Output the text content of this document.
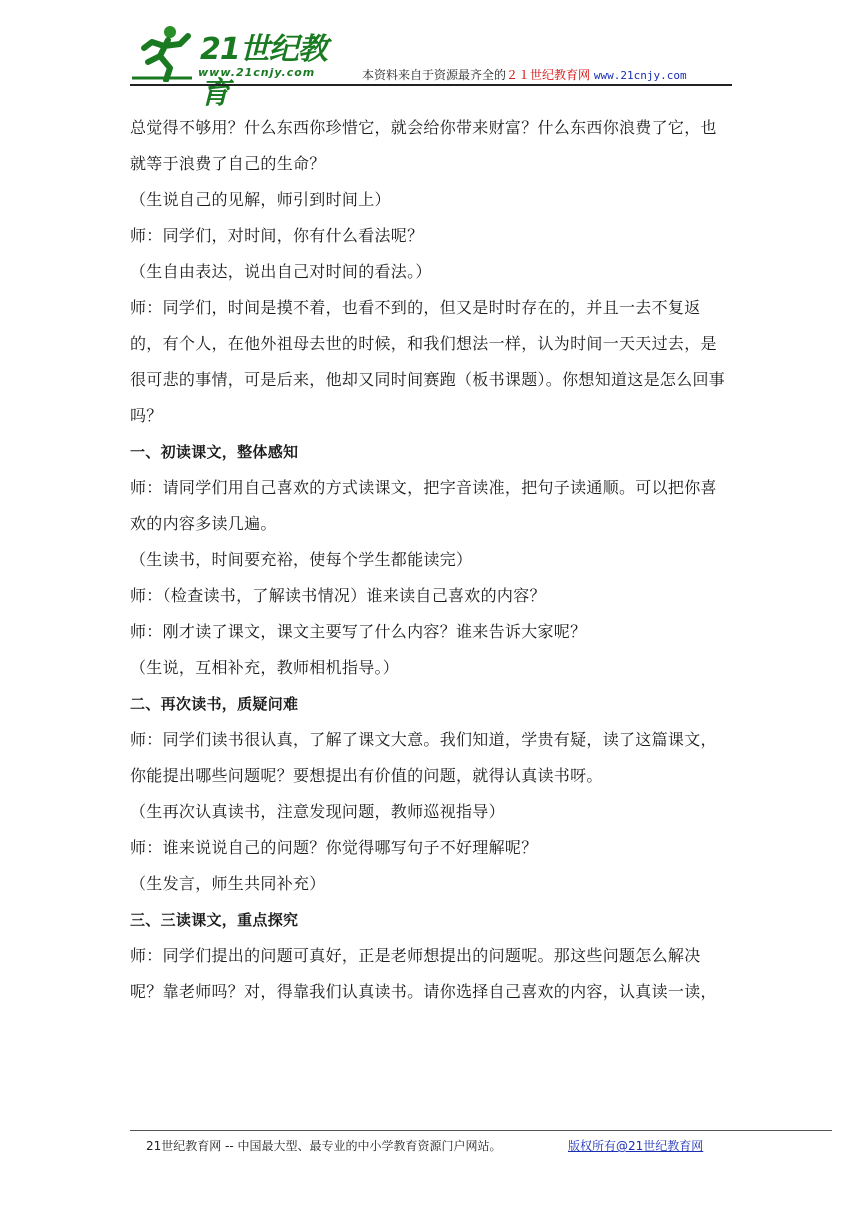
21世纪教育
www.21cnjy.com	本资料来自于资源最齐全的２１世纪教育网 www.21cnjy.com

总觉得不够用？什么东西你珍惜它，就会给你带来财富？什么东西你浪费了它，也就等于浪费了自己的生命？

（生说自己的见解，师引到时间上）

师：同学们，对时间，你有什么看法呢？

（生自由表达，说出自己对时间的看法。）

师：同学们，时间是摸不着，也看不到的，但又是时时存在的，并且一去不复返的，有个人，在他外祖母去世的时候，和我们想法一样，认为时间一天天过去，是很可悲的事情，可是后来，他却又同时间赛跑（板书课题）。你想知道这是怎么回事吗？

一、初读课文，整体感知

师：请同学们用自己喜欢的方式读课文，把字音读准，把句子读通顺。可以把你喜欢的内容多读几遍。

（生读书，时间要充裕，使每个学生都能读完）

师：（检查读书，了解读书情况）谁来读自己喜欢的内容？

师：刚才读了课文，课文主要写了什么内容？谁来告诉大家呢？

（生说，互相补充，教师相机指导。）

二、再次读书，质疑问难

师：同学们读书很认真，了解了课文大意。我们知道，学贵有疑，读了这篇课文，你能提出哪些问题呢？要想提出有价值的问题，就得认真读书呀。

（生再次认真读书，注意发现问题，教师巡视指导）

师：谁来说说自己的问题？你觉得哪写句子不好理解呢？

（生发言，师生共同补充）

三、三读课文，重点探究

师：同学们提出的问题可真好，正是老师想提出的问题呢。那这些问题怎么解决呢？靠老师吗？对，得靠我们认真读书。请你选择自己喜欢的内容，认真读一读，

21世纪教育网 -- 中国最大型、最专业的中小学教育资源门户网站。	版权所有@21世纪教育网
